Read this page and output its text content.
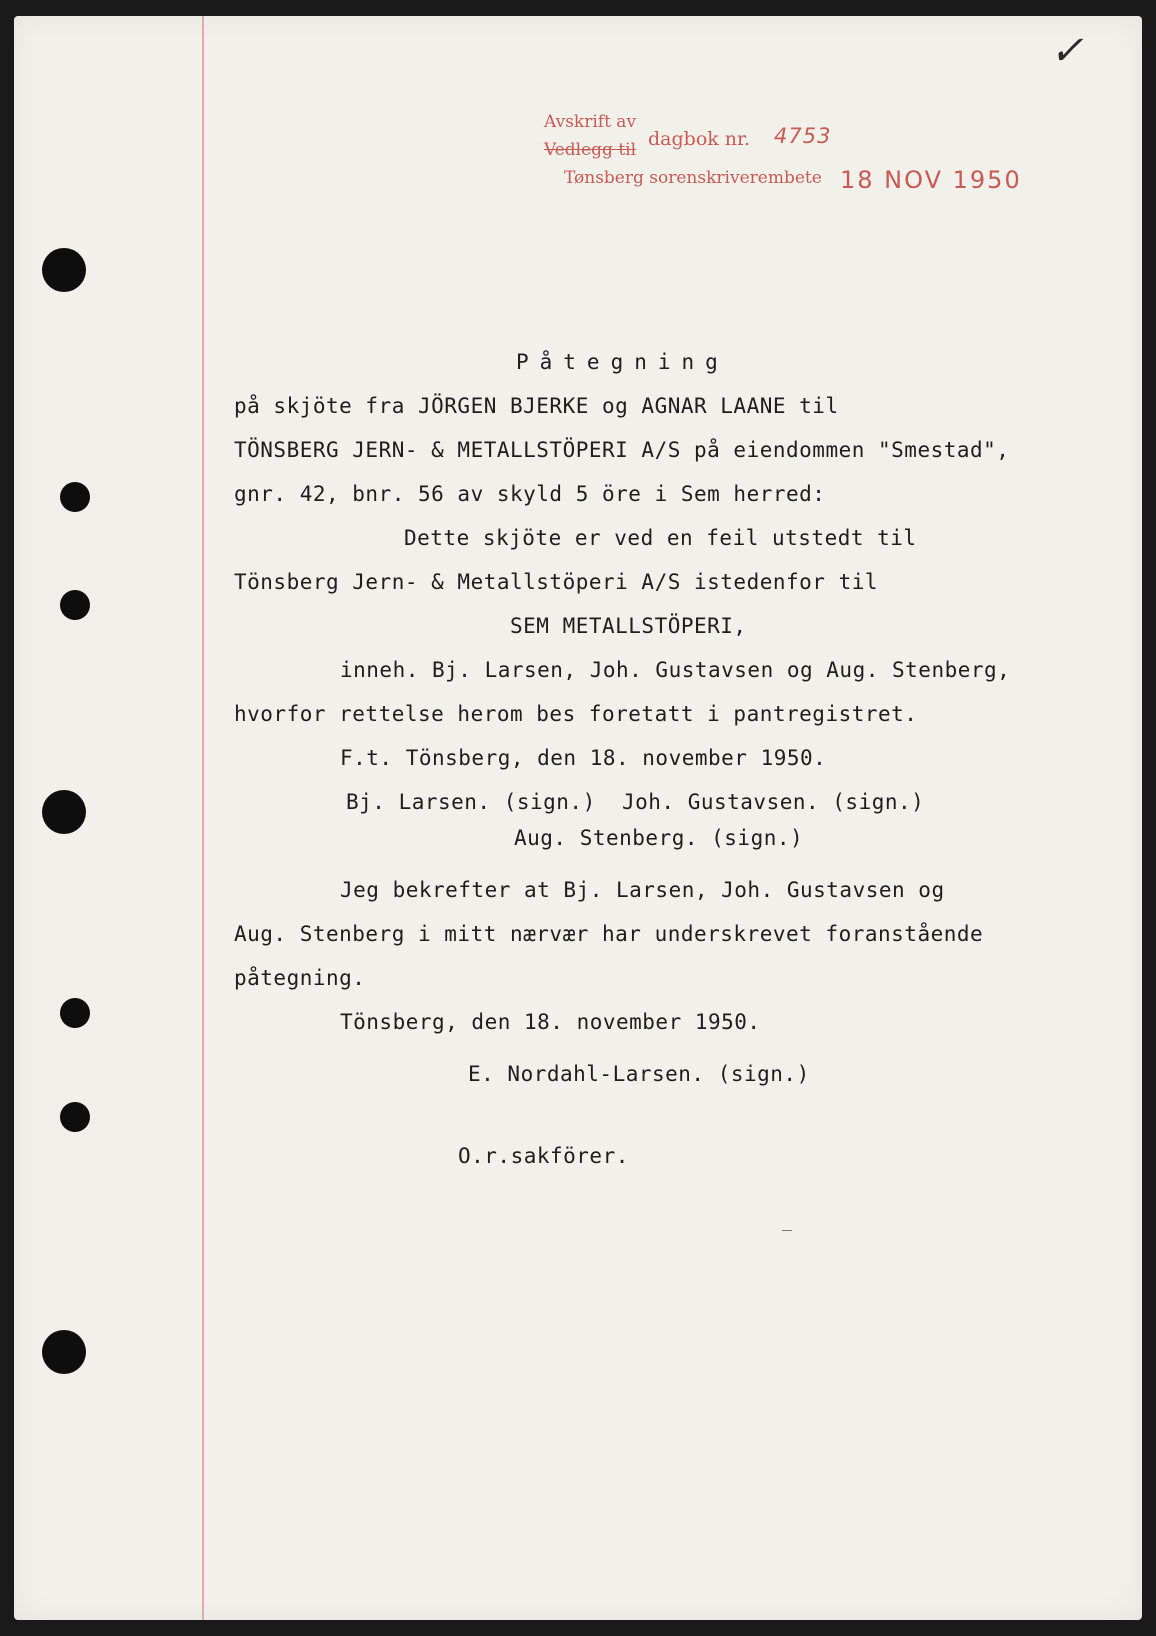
✓
Avskrift av
Vedlegg til dagbok nr. 4753
Tønsberg sorenskriverembete 18 NOV 1950
Påtegning
på skjöte fra JÖRGEN BJERKE og AGNAR LAANE til
TÖNSBERG JERN- & METALLSTÖPERI A/S på eiendommen "Smestad",
gnr. 42, bnr. 56 av skyld 5 öre i Sem herred:
Dette skjöte er ved en feil utstedt til
Tönsberg Jern- & Metallstöperi A/S istedenfor til
SEM METALLSTÖPERI,
inneh. Bj. Larsen, Joh. Gustavsen og Aug. Stenberg,
hvorfor rettelse herom bes foretatt i pantregistret.
F.t. Tönsberg, den 18. november 1950.
Bj. Larsen. (sign.)  Joh. Gustavsen. (sign.)
Aug. Stenberg. (sign.)
Jeg bekrefter at Bj. Larsen, Joh. Gustavsen og
Aug. Stenberg i mitt nærvær har underskrevet foranstående
påtegning.
Tönsberg, den 18. november 1950.
E. Nordahl-Larsen. (sign.)
O.r.sakförer.
